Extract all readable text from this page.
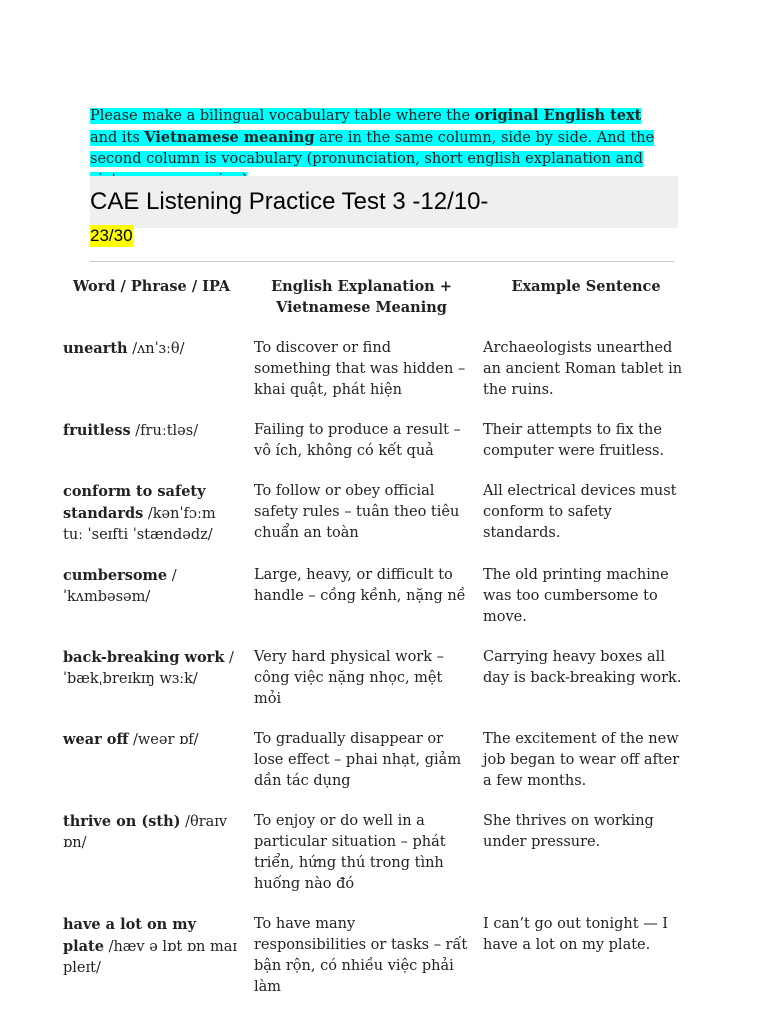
Please make a bilingual vocabulary table where the original English text and its Vietnamese meaning are in the same column, side by side. And the second column is vocabulary (pronunciation, short english explanation and

CAE Listening Practice Test 3 -12/10-
23/30
Word / Phrase / IPA	English Explanation + Vietnamese Meaning	Example Sentence
unearth /ʌnˈɜːθ/	To discover or find something that was hidden – khai quật, phát hiện	Archaeologists unearthed an ancient Roman tablet in the ruins.
fruitless /fruːtləs/	Failing to produce a result – vô ích, không có kết quả	Their attempts to fix the computer were fruitless.
conform to safety standards /kənˈfɔːm tuː ˈseɪfti ˈstændədz/	To follow or obey official safety rules – tuân theo tiêu chuẩn an toàn	All electrical devices must conform to safety standards.
cumbersome /ˈkʌmbəsəm/	Large, heavy, or difficult to handle – cồng kềnh, nặng nề	The old printing machine was too cumbersome to move.
back-breaking work /ˈbækˌbreɪkɪŋ wɜːk/	Very hard physical work – công việc nặng nhọc, mệt mỏi	Carrying heavy boxes all day is back-breaking work.
wear off /weər ɒf/	To gradually disappear or lose effect – phai nhạt, giảm dần tác dụng	The excitement of the new job began to wear off after a few months.
thrive on (sth) /θraɪv ɒn/	To enjoy or do well in a particular situation – phát triển, hứng thú trong tình huống nào đó	She thrives on working under pressure.
have a lot on my plate /hæv ə lɒt ɒn maɪ pleɪt/	To have many responsibilities or tasks – rất bận rộn, có nhiều việc phải làm	I can’t go out tonight — I have a lot on my plate.
